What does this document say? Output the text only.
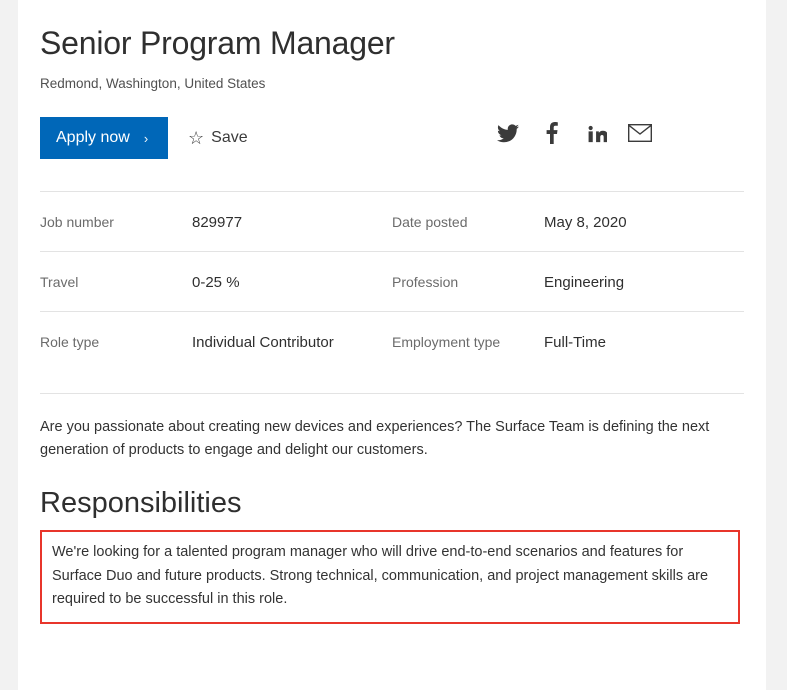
Senior Program Manager
Redmond, Washington, United States
Apply now › ☆ Save
Job number	829977	Date posted	May 8, 2020
Travel	0-25 %	Profession	Engineering
Role type	Individual Contributor	Employment type	Full-Time

Are you passionate about creating new devices and experiences? The Surface Team is defining the next generation of products to engage and delight our customers.

Responsibilities

We're looking for a talented program manager who will drive end-to-end scenarios and features for Surface Duo and future products. Strong technical, communication, and project management skills are required to be successful in this role.
